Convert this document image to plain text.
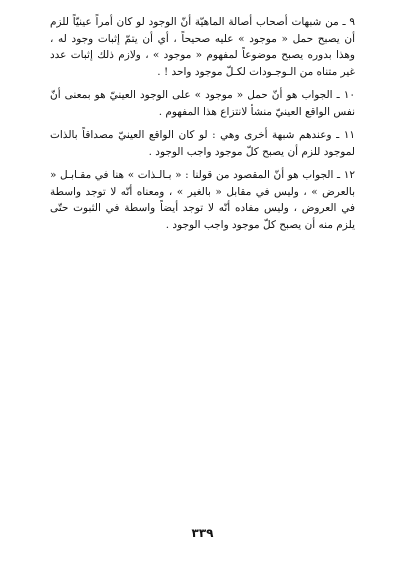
٩ ـ من شبهات أصحاب أصالة الماهيّة أنّ الوجود لو كان أمراً عينيّاً للزم أن يصبح حمل « موجود » عليه صحيحاً ، أي أن يتمّ إثبات وجود له ، وهذا بدوره يصبح موضوعاً لمفهوم « موجود » ، ولازم ذلك إثبات عدد غير متناه من الـوجـودات لكـلّ موجود واحد ! .

١٠ ـ الجواب هو أنّ حمل « موجود » على الوجود العينيّ هو بمعنى أنّ نفس الواقع العينيّ منشأ لانتزاع هذا المفهوم .

١١ ـ وعندهم شبهة أخرى وهي : لو كان الواقع العينيّ مصداقاً بالذات لموجود للزم أن يصبح كلّ موجود واجب الوجود .

١٢ ـ الجواب هو أنّ المقصود من قولنا : « بـالـذات » هنا في مقـابـل « بالعرض » ، وليس في مقابل « بالغير » ، ومعناه أنّه لا توجد واسطة في العروض ، وليس مفاده أنّه لا توجد أيضاً واسطة في الثبوت حتّى يلزم منه أن يصبح كلّ موجود واجب الوجود .

٣٣٩
